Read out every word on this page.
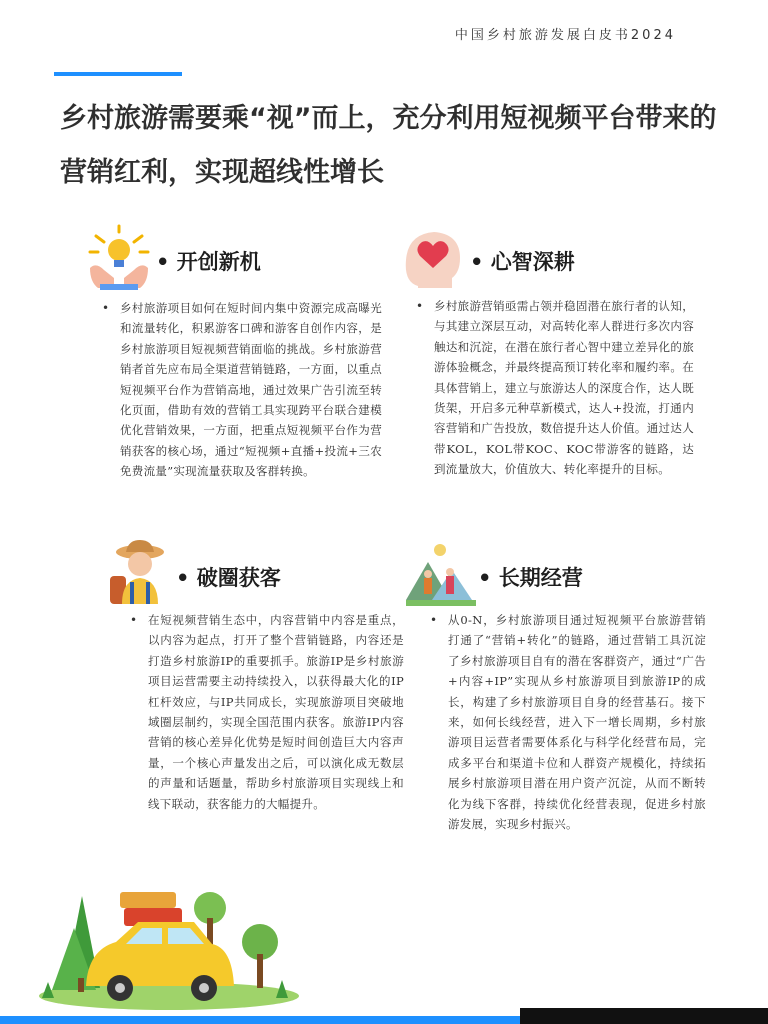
中国乡村旅游发展白皮书2024
乡村旅游需要乘“视”而上，充分利用短视频平台带来的营销红利，实现超线性增长
• 开创新机
• 乡村旅游项目如何在短时间内集中资源完成高曝光和流量转化，积累游客口碑和游客自创作内容，是乡村旅游项目短视频营销面临的挑战。乡村旅游营销者首先应布局全渠道营销链路，一方面，以重点短视频平台作为营销高地，通过效果广告引流至转化页面，借助有效的营销工具实现跨平台联合建模优化营销效果，一方面，把重点短视频平台作为营销获客的核心场，通过“短视频+直播+投流+三农免费流量”实现流量获取及客群转换。

• 心智深耕
• 乡村旅游营销亟需占领并稳固潜在旅行者的认知，与其建立深层互动，对高转化率人群进行多次内容触达和沉淀，在潜在旅行者心智中建立差异化的旅游体验概念，并最终提高预订转化率和履约率。在具体营销上，建立与旅游达人的深度合作，达人既货架，开启多元种草新模式，达人+投流，打通内容营销和广告投放，数倍提升达人价值。通过达人带KOL，KOL带KOC、KOC带游客的链路，达到流量放大，价值放大、转化率提升的目标。

• 破圈获客
• 在短视频营销生态中，内容营销中内容是重点，以内容为起点，打开了整个营销链路，内容还是打造乡村旅游IP的重要抓手。旅游IP是乡村旅游项目运营需要主动持续投入，以获得最大化的IP杠杆效应，与IP共同成长，实现旅游项目突破地域圈层制约，实现全国范围内获客。旅游IP内容营销的核心差异化优势是短时间创造巨大内容声量，一个核心声量发出之后，可以演化成无数层的声量和话题量，帮助乡村旅游项目实现线上和线下联动，获客能力的大幅提升。

• 长期经营
• 从0-N，乡村旅游项目通过短视频平台旅游营销打通了“营销+转化”的链路，通过营销工具沉淀了乡村旅游项目自有的潜在客群资产，通过“广告+内容+IP”实现从乡村旅游项目到旅游IP的成长，构建了乡村旅游项目自身的经营基石。接下来，如何长线经营，进入下一增长周期，乡村旅游项目运营者需要体系化与科学化经营布局，完成多平台和渠道卡位和人群资产规模化，持续拓展乡村旅游项目潜在用户资产沉淀，从而不断转化为线下客群，持续优化经营表现，促进乡村旅游发展，实现乡村振兴。
